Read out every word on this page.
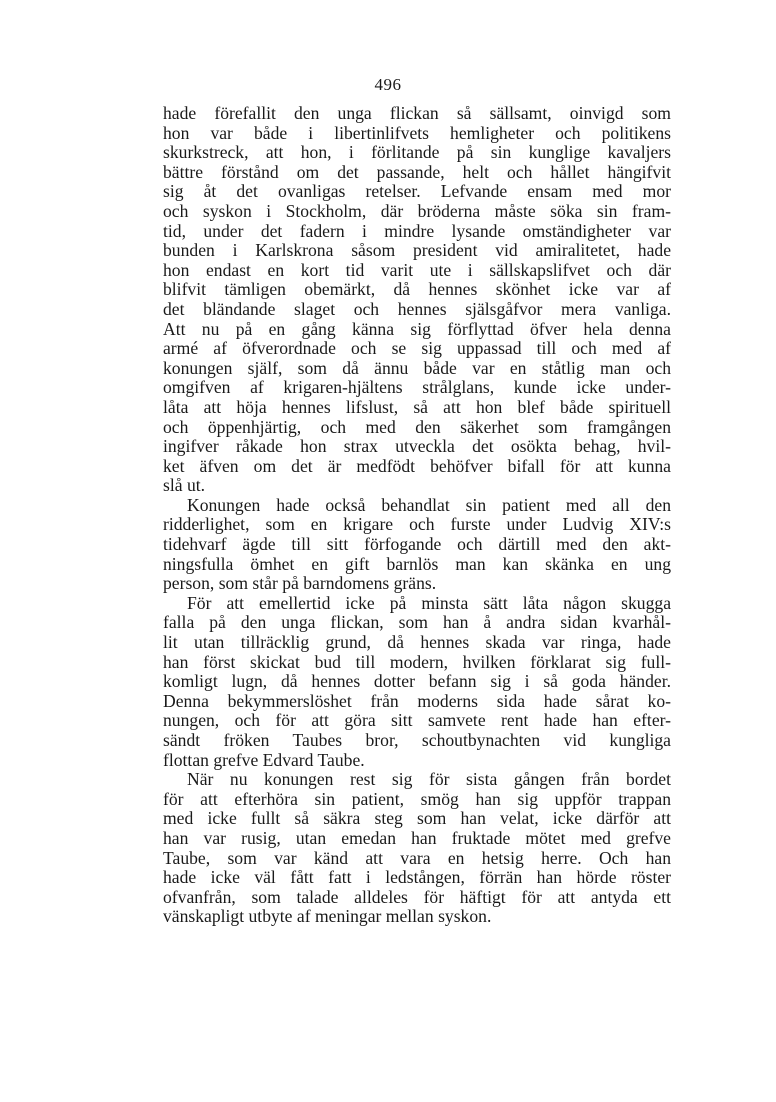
496
hade förefallit den unga flickan så sällsamt, oinvigd som
hon var både i libertinlifvets hemligheter och politikens
skurkstreck, att hon, i förlitande på sin kunglige kavaljers
bättre förstånd om det passande, helt och hållet hängifvit
sig åt det ovanligas retelser. Lefvande ensam med mor
och syskon i Stockholm, där bröderna måste söka sin fram-
tid, under det fadern i mindre lysande omständigheter var
bunden i Karlskrona såsom president vid amiralitetet, hade
hon endast en kort tid varit ute i sällskapslifvet och där
blifvit tämligen obemärkt, då hennes skönhet icke var af
det bländande slaget och hennes själsgåfvor mera vanliga.
Att nu på en gång känna sig förflyttad öfver hela denna
armé af öfverordnade och se sig uppassad till och med af
konungen själf, som då ännu både var en ståtlig man och
omgifven af krigaren-hjältens strålglans, kunde icke under-
låta att höja hennes lifslust, så att hon blef både spirituell
och öppenhjärtig, och med den säkerhet som framgången
ingifver råkade hon strax utveckla det osökta behag, hvil-
ket äfven om det är medfödt behöfver bifall för att kunna
slå ut.
Konungen hade också behandlat sin patient med all den
ridderlighet, som en krigare och furste under Ludvig XIV:s
tidehvarf ägde till sitt förfogande och därtill med den akt-
ningsfulla ömhet en gift barnlös man kan skänka en ung
person, som står på barndomens gräns.
För att emellertid icke på minsta sätt låta någon skugga
falla på den unga flickan, som han å andra sidan kvarhål-
lit utan tillräcklig grund, då hennes skada var ringa, hade
han först skickat bud till modern, hvilken förklarat sig full-
komligt lugn, då hennes dotter befann sig i så goda händer.
Denna bekymmerslöshet från moderns sida hade sårat ko-
nungen, och för att göra sitt samvete rent hade han efter-
sändt fröken Taubes bror, schoutbynachten vid kungliga
flottan grefve Edvard Taube.
När nu konungen rest sig för sista gången från bordet
för att efterhöra sin patient, smög han sig uppför trappan
med icke fullt så säkra steg som han velat, icke därför att
han var rusig, utan emedan han fruktade mötet med grefve
Taube, som var känd att vara en hetsig herre. Och han
hade icke väl fått fatt i ledstången, förrän han hörde röster
ofvanfrån, som talade alldeles för häftigt för att antyda ett
vänskapligt utbyte af meningar mellan syskon.
